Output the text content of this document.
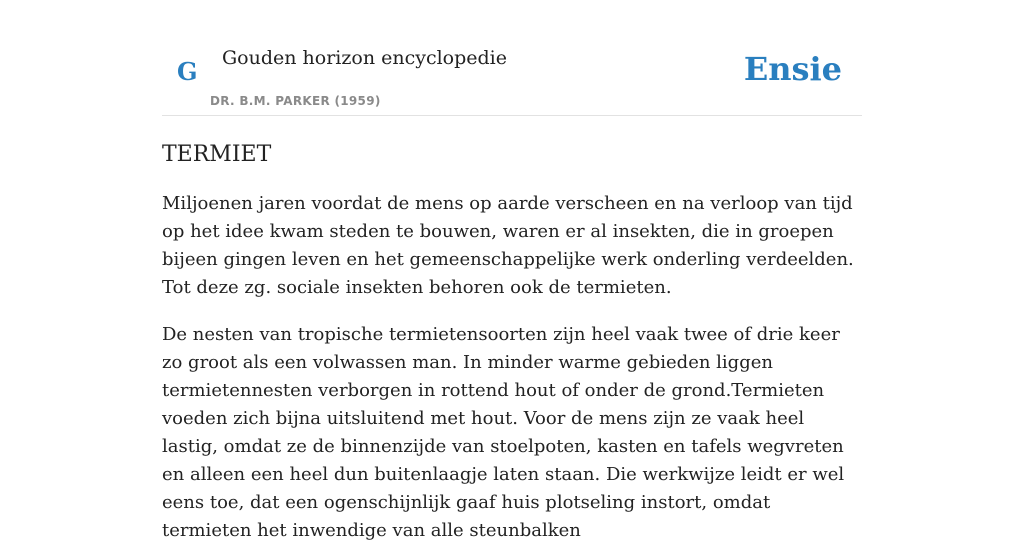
G Gouden horizon encyclopedie
DR. B.M. PARKER (1959)
Ensie
TERMIET

Miljoenen jaren voordat de mens op aarde verscheen en na verloop van tijd op het idee kwam steden te bouwen, waren er al insekten, die in groepen bijeen gingen leven en het gemeenschappelijke werk onderling verdeelden. Tot deze zg. sociale insekten behoren ook de termieten.

De nesten van tropische termietensoorten zijn heel vaak twee of drie keer zo groot als een volwassen man. In minder warme gebieden liggen termietennesten verborgen in rottend hout of onder de grond.Termieten voeden zich bijna uitsluitend met hout. Voor de mens zijn ze vaak heel lastig, omdat ze de binnenzijde van stoelpoten, kasten en tafels wegvreten en alleen een heel dun buitenlaagje laten staan. Die werkwijze leidt er wel eens toe, dat een ogenschijnlijk gaaf huis plotseling instort, omdat termieten het inwendige van alle steunbalken
